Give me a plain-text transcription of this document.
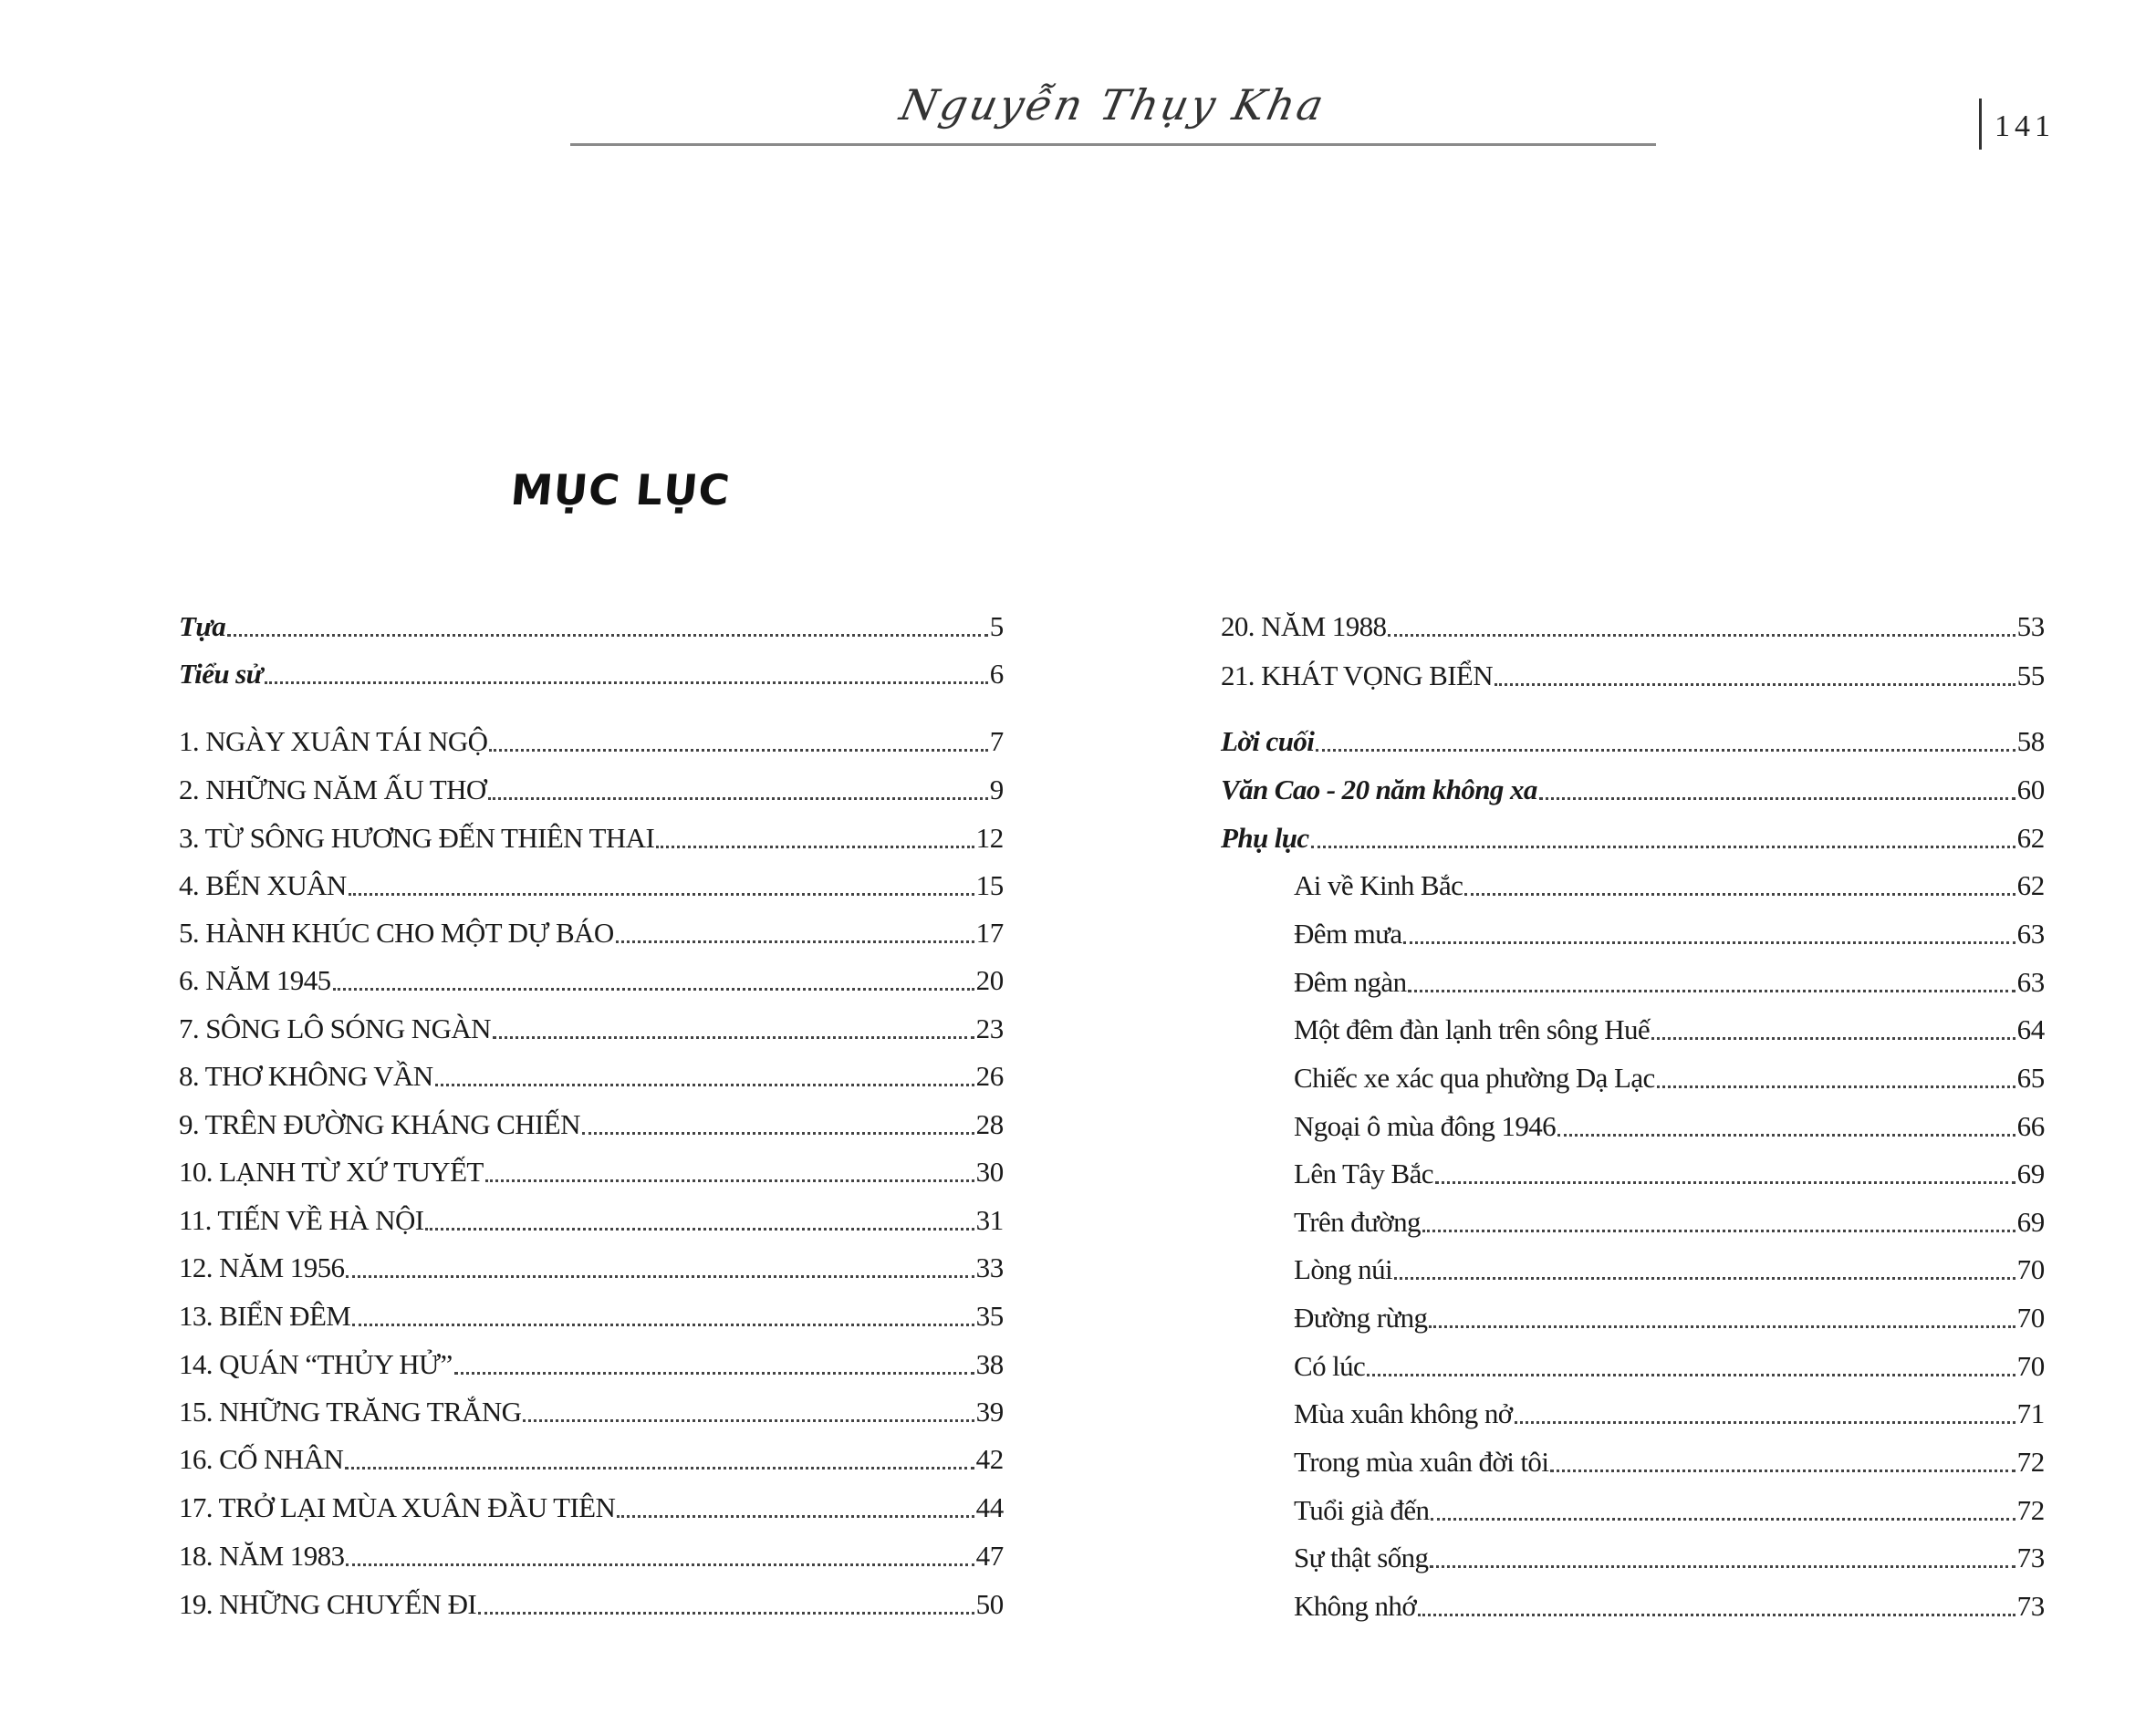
Nguyễn Thụy Kha	141
MỤC LỤC
Tựa	5
Tiểu sử	6
1. NGÀY XUÂN TÁI NGỘ	7
2. NHỮNG NĂM ẤU THƠ	9
3. TỪ SÔNG HƯƠNG ĐẾN THIÊN THAI	12
4. BẾN XUÂN	15
5. HÀNH KHÚC CHO MỘT DỰ BÁO	17
6. NĂM 1945	20
7. SÔNG LÔ SÓNG NGÀN	23
8. THƠ KHÔNG VẦN	26
9. TRÊN ĐƯỜNG KHÁNG CHIẾN	28
10. LẠNH TỪ XỨ TUYẾT	30
11. TIẾN VỀ HÀ NỘI	31
12. NĂM 1956	33
13. BIỂN ĐÊM	35
14. QUÁN “THỦY HỬ”	38
15. NHỮNG TRĂNG TRẮNG	39
16. CỐ NHÂN	42
17. TRỞ LẠI MÙA XUÂN ĐẦU TIÊN	44
18. NĂM 1983	47
19. NHỮNG CHUYẾN ĐI	50
20. NĂM 1988	53
21. KHÁT VỌNG BIỂN	55
Lời cuối	58
Văn Cao - 20 năm không xa	60
Phụ lục	62
Ai về Kinh Bắc	62
Đêm mưa	63
Đêm ngàn	63
Một đêm đàn lạnh trên sông Huế	64
Chiếc xe xác qua phường Dạ Lạc	65
Ngoại ô mùa đông 1946	66
Lên Tây Bắc	69
Trên đường	69
Lòng núi	70
Đường rừng	70
Có lúc	70
Mùa xuân không nở	71
Trong mùa xuân đời tôi	72
Tuổi già đến	72
Sự thật sống	73
Không nhớ	73
